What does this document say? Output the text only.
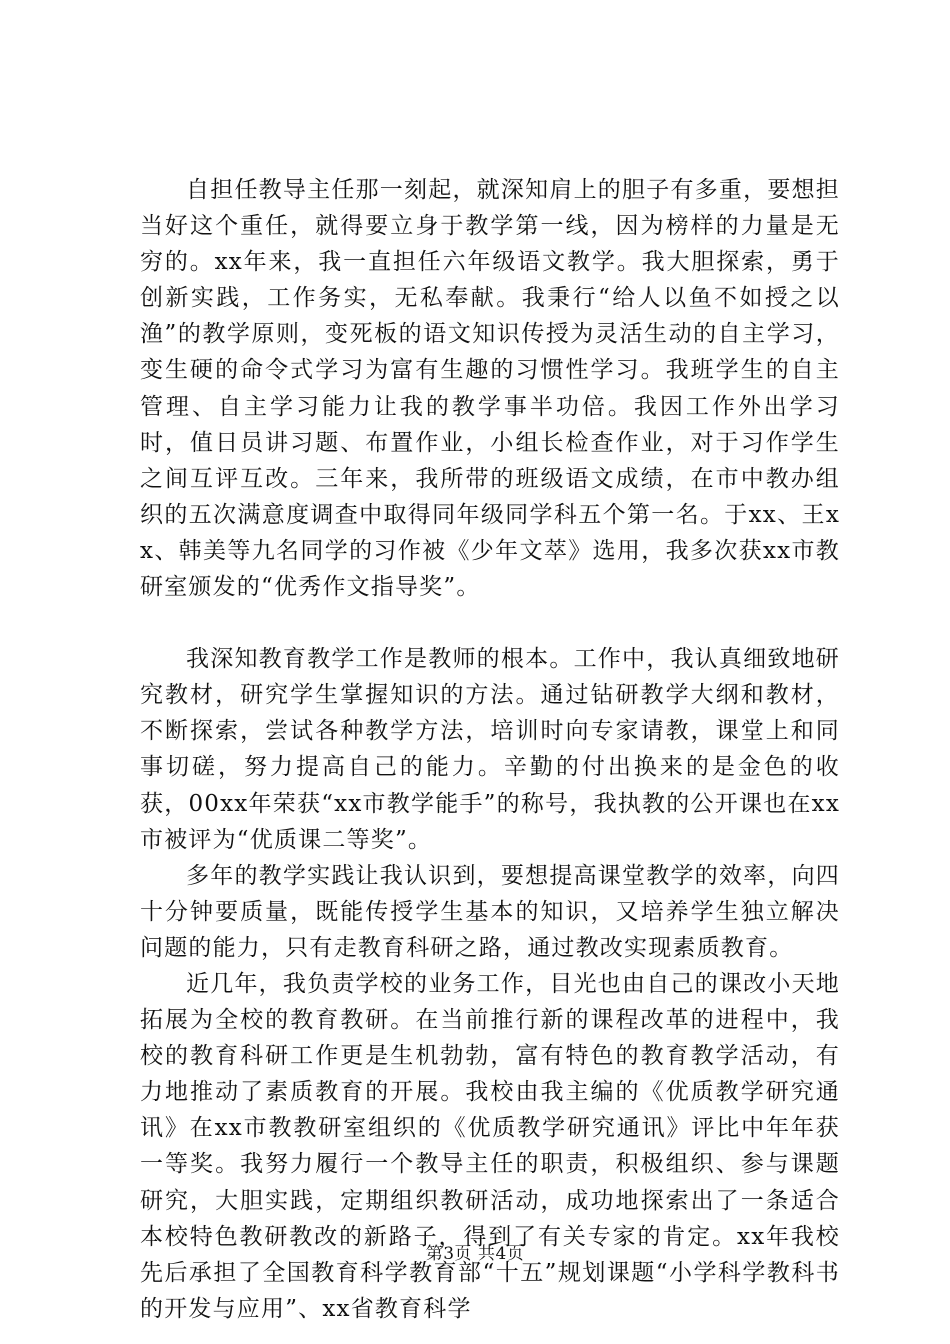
自担任教导主任那一刻起，就深知肩上的胆子有多重，要想担当好这个重任，就得要立身于教学第一线，因为榜样的力量是无穷的。xx年来，我一直担任六年级语文教学。我大胆探索，勇于创新实践，工作务实，无私奉献。我秉行“给人以鱼不如授之以渔”的教学原则，变死板的语文知识传授为灵活生动的自主学习，变生硬的命令式学习为富有生趣的习惯性学习。我班学生的自主管理、自主学习能力让我的教学事半功倍。我因工作外出学习时，值日员讲习题、布置作业，小组长检查作业，对于习作学生之间互评互改。三年来，我所带的班级语文成绩，在市中教办组织的五次满意度调查中取得同年级同学科五个第一名。于xx、王xx、韩美等九名同学的习作被《少年文萃》选用，我多次获xx市教研室颁发的“优秀作文指导奖”。

我深知教育教学工作是教师的根本。工作中，我认真细致地研究教材，研究学生掌握知识的方法。通过钻研教学大纲和教材，不断探索，尝试各种教学方法，培训时向专家请教，课堂上和同事切磋，努力提高自己的能力。辛勤的付出换来的是金色的收获，00xx年荣获“xx市教学能手”的称号，我执教的公开课也在xx市被评为“优质课二等奖”。

多年的教学实践让我认识到，要想提高课堂教学的效率，向四十分钟要质量，既能传授学生基本的知识，又培养学生独立解决问题的能力，只有走教育科研之路，通过教改实现素质教育。

近几年，我负责学校的业务工作，目光也由自己的课改小天地拓展为全校的教育教研。在当前推行新的课程改革的进程中，我校的教育科研工作更是生机勃勃，富有特色的教育教学活动，有力地推动了素质教育的开展。我校由我主编的《优质教学研究通讯》在xx市教教研室组织的《优质教学研究通讯》评比中年年获一等奖。我努力履行一个教导主任的职责，积极组织、参与课题研究，大胆实践，定期组织教研活动，成功地探索出了一条适合本校特色教研教改的新路子，得到了有关专家的肯定。xx年我校先后承担了全国教育科学教育部“十五”规划课题“小学科学教科书的开发与应用”、xx省教育科学

第3页 共4页
